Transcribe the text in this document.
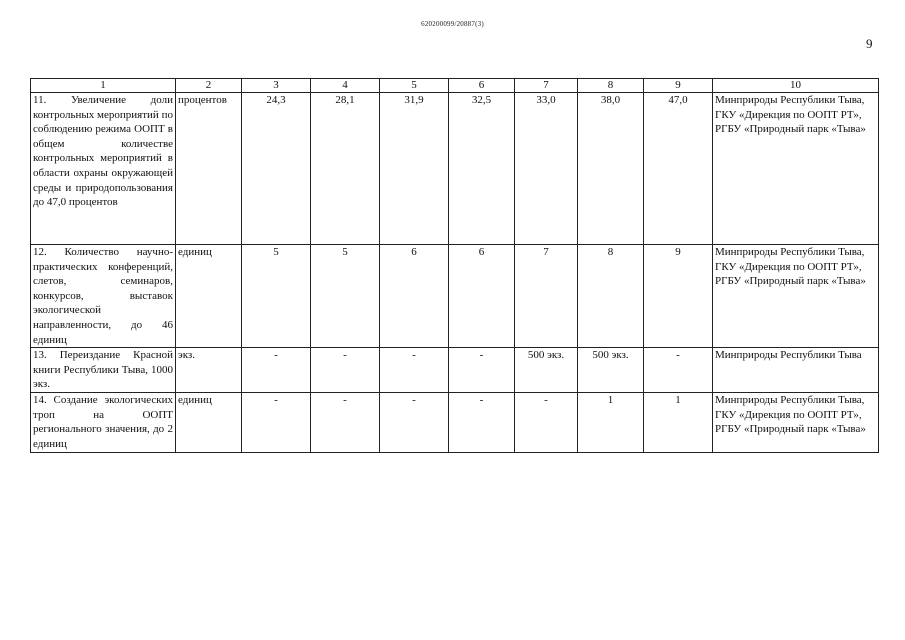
620200099/20887(3)
9
1	2	3	4	5	6	7	8	9	10
11. Увеличение доли контрольных мероприятий по соблюдению режима ООПТ в общем количестве контрольных мероприятий в области охраны окружающей среды и природопользования до 47,0 процентов	процентов	24,3	28,1	31,9	32,5	33,0	38,0	47,0	Минприроды Республики Тыва, ГКУ «Дирекция по ООПТ РТ», РГБУ «Природный парк «Тыва»
12. Количество научно-практических конференций, слетов, семинаров, конкурсов, выставок экологической направленности, до 46 единиц	единиц	5	5	6	6	7	8	9	Минприроды Республики Тыва, ГКУ «Дирекция по ООПТ РТ», РГБУ «Природный парк «Тыва»
13. Переиздание Красной книги Республики Тыва, 1000 экз.	экз.	-	-	-	-	500 экз.	500 экз.	-	Минприроды Республики Тыва
14. Создание экологических троп на ООПТ регионального значения, до 2 единиц	единиц	-	-	-	-	-	1	1	Минприроды Республики Тыва, ГКУ «Дирекция по ООПТ РТ», РГБУ «Природный парк «Тыва»
